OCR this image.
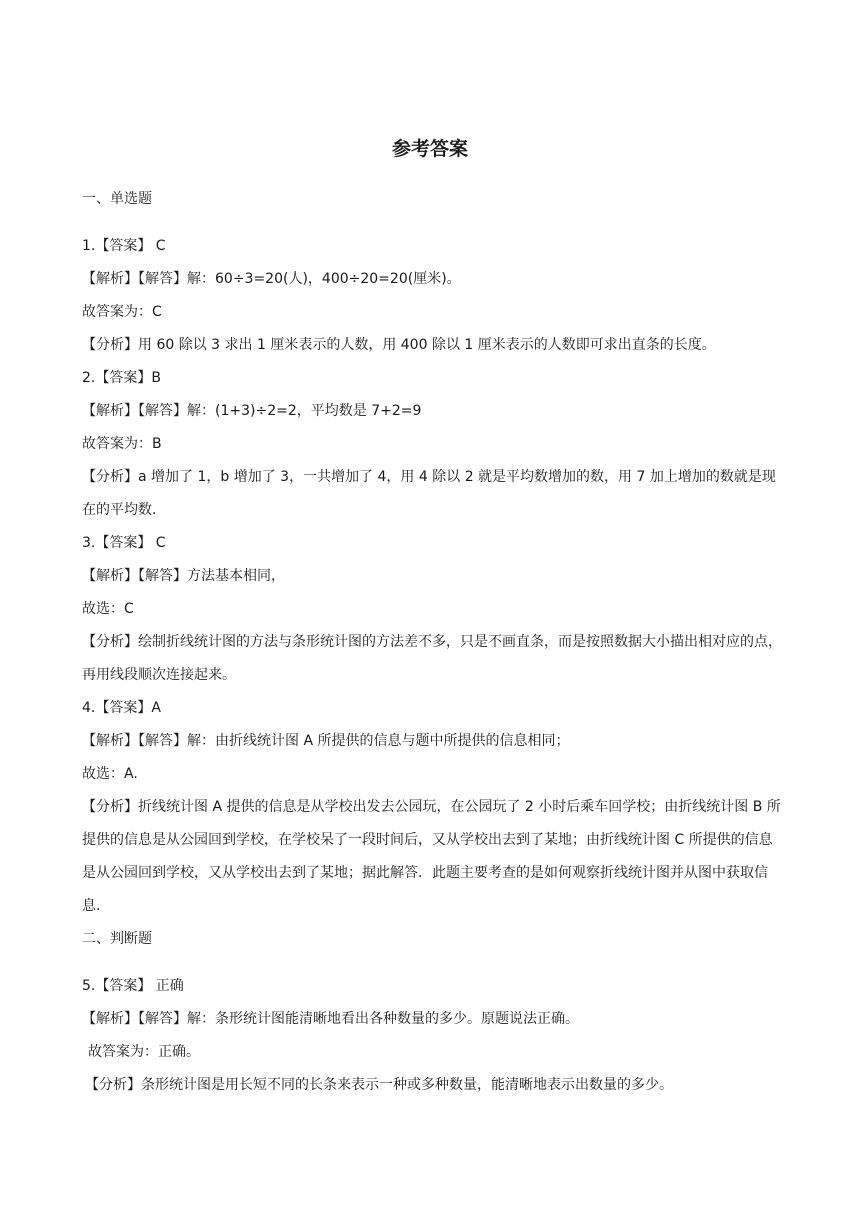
参考答案

一、单选题

1.【答案】 C

【解析】【解答】解：60÷3=20(人)，400÷20=20(厘米)。

故答案为：C

【分析】用 60 除以 3 求出 1 厘米表示的人数，用 400 除以 1 厘米表示的人数即可求出直条的长度。

2.【答案】B

【解析】【解答】解：(1+3)÷2=2，平均数是 7+2=9

故答案为：B

【分析】a 增加了 1，b 增加了 3，一共增加了 4，用 4 除以 2 就是平均数增加的数，用 7 加上增加的数就是现在的平均数.

3.【答案】 C

【解析】【解答】方法基本相同，

故选：C

【分析】绘制折线统计图的方法与条形统计图的方法差不多，只是不画直条，而是按照数据大小描出相对应的点，再用线段顺次连接起来。

4.【答案】A

【解析】【解答】解：由折线统计图 A 所提供的信息与题中所提供的信息相同；

故选：A.

【分析】折线统计图 A 提供的信息是从学校出发去公园玩，在公园玩了 2 小时后乘车回学校；由折线统计图 B 所提供的信息是从公园回到学校，在学校呆了一段时间后，又从学校出去到了某地；由折线统计图 C 所提供的信息是从公园回到学校，又从学校出去到了某地；据此解答．此题主要考查的是如何观察折线统计图并从图中获取信息.

二、判断题

5.【答案】 正确

【解析】【解答】解：条形统计图能清晰地看出各种数量的多少。原题说法正确。

故答案为：正确。

【分析】条形统计图是用长短不同的长条来表示一种或多种数量，能清晰地表示出数量的多少。
